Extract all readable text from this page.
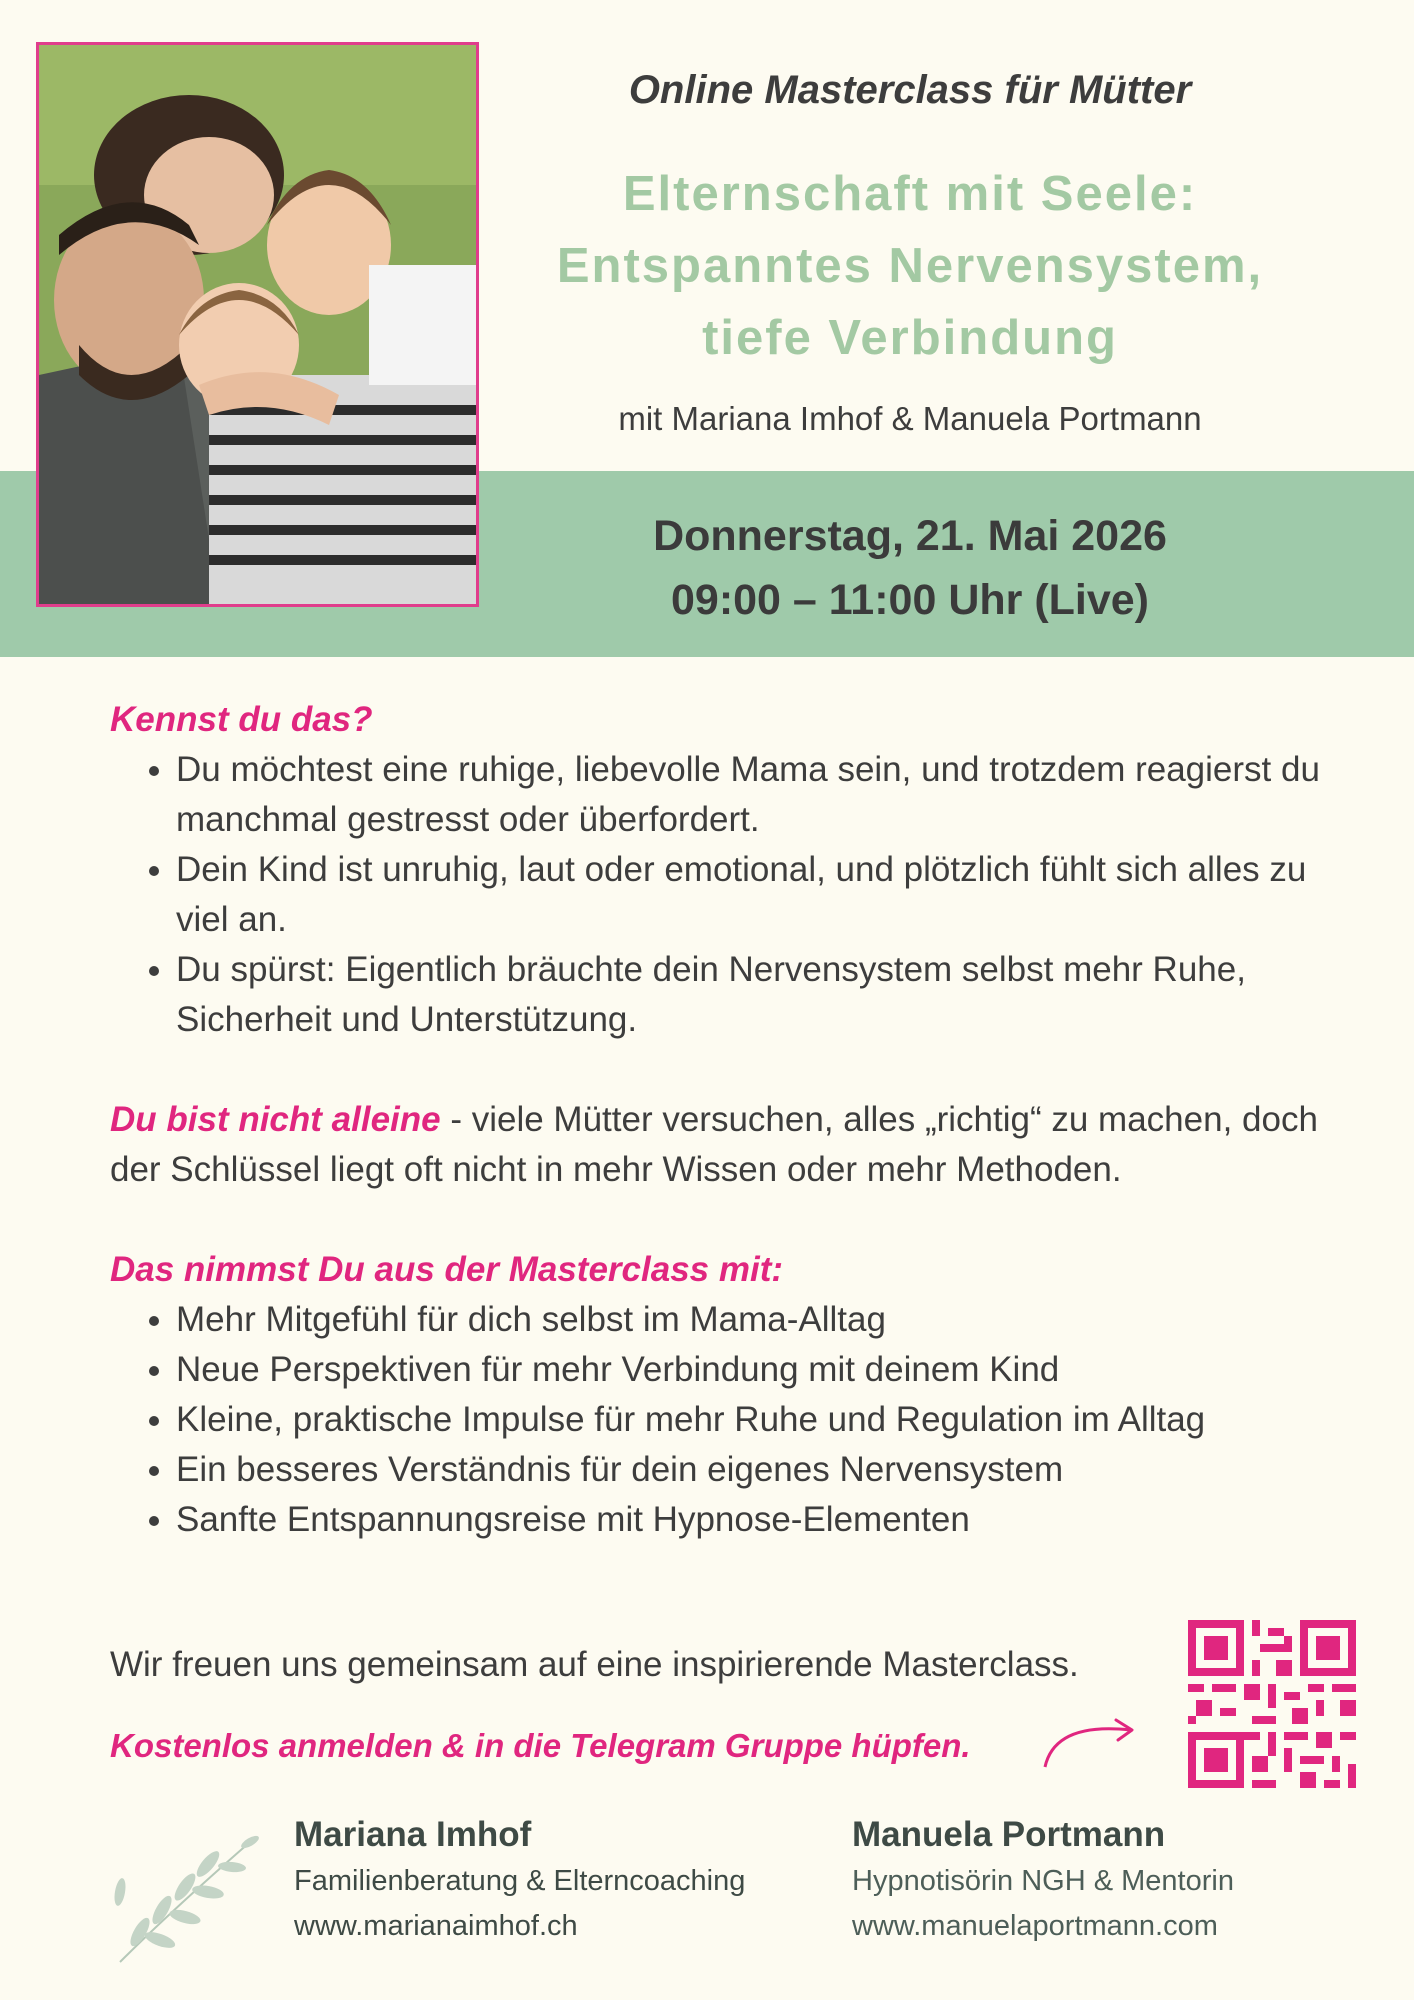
Online Masterclass für Mütter
Elternschaft mit Seele:
Entspanntes Nervensystem,
tiefe Verbindung
mit Mariana Imhof & Manuela Portmann
Donnerstag, 21. Mai 2026
09:00 – 11:00 Uhr (Live)
Kennst du das?
• Du möchtest eine ruhige, liebevolle Mama sein, und trotzdem reagierst du manchmal gestresst oder überfordert.
• Dein Kind ist unruhig, laut oder emotional, und plötzlich fühlt sich alles zu viel an.
• Du spürst: Eigentlich bräuchte dein Nervensystem selbst mehr Ruhe, Sicherheit und Unterstützung.

Du bist nicht alleine - viele Mütter versuchen, alles „richtig“ zu machen, doch der Schlüssel liegt oft nicht in mehr Wissen oder mehr Methoden.

Das nimmst Du aus der Masterclass mit:
• Mehr Mitgefühl für dich selbst im Mama-Alltag
• Neue Perspektiven für mehr Verbindung mit deinem Kind
• Kleine, praktische Impulse für mehr Ruhe und Regulation im Alltag
• Ein besseres Verständnis für dein eigenes Nervensystem
• Sanfte Entspannungsreise mit Hypnose-Elementen
Wir freuen uns gemeinsam auf eine inspirierende Masterclass.
Kostenlos anmelden & in die Telegram Gruppe hüpfen.
Mariana Imhof
Familienberatung & Elterncoaching
www.marianaimhof.ch
Manuela Portmann
Hypnotisörin NGH & Mentorin
www.manuelaportmann.com
